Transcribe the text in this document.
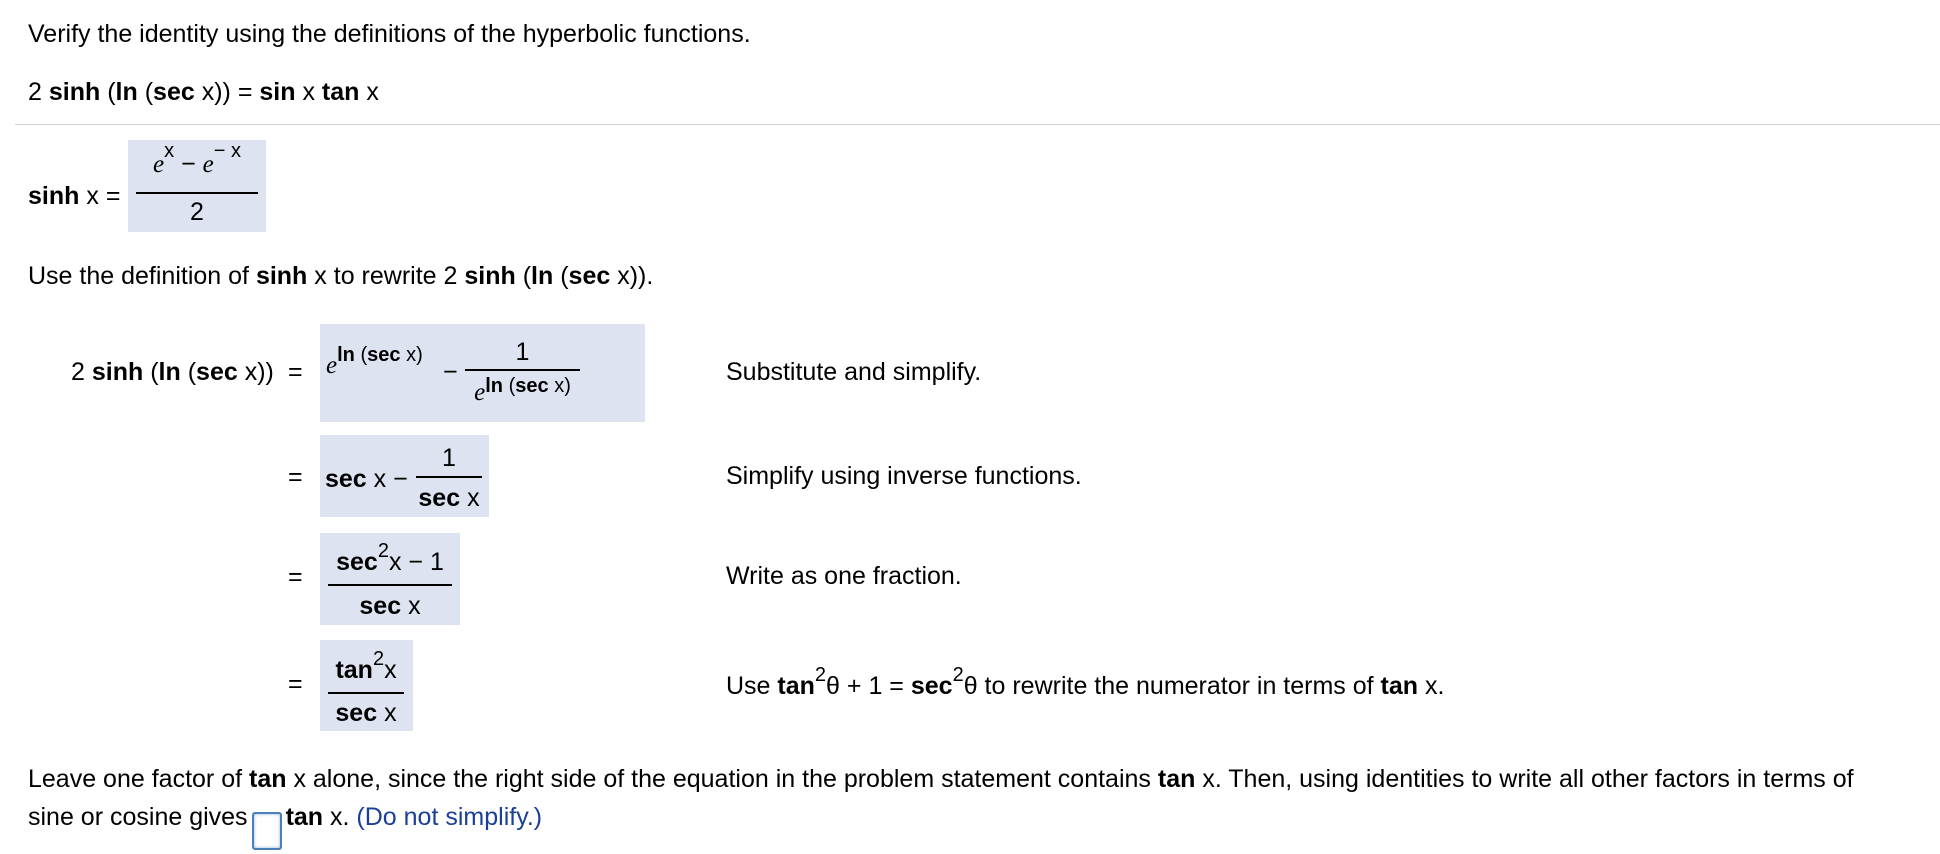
Verify the identity using the definitions of the hyperbolic functions.
2 sinh (ln (sec x)) = sin x tan x
sinh x =
$e^x - e^{- x}$
2
Use the definition of sinh x to rewrite 2 sinh (ln (sec x)).
2 sinh (ln (sec $x)) = e^{ln (sec x)}$
−
1
$e^{ln (sec x)}$	Substitute and simplify.
= sec x −
1
sec x
Simplify using inverse functions.
=
$\sec^2x - 1$
sec x
Write as one fraction.
=	$\tan^2x$
sec x
Use $\tan^2\theta + 1 = \sec^2\theta$ to rewrite the numerator in terms of tan x.
Leave one factor of tan x alone, since the right side of the equation in the problem statement contains tan x. Then, using identities to write all other factors in terms of
sine or cosine gives tan x. (Do not simplify.)
